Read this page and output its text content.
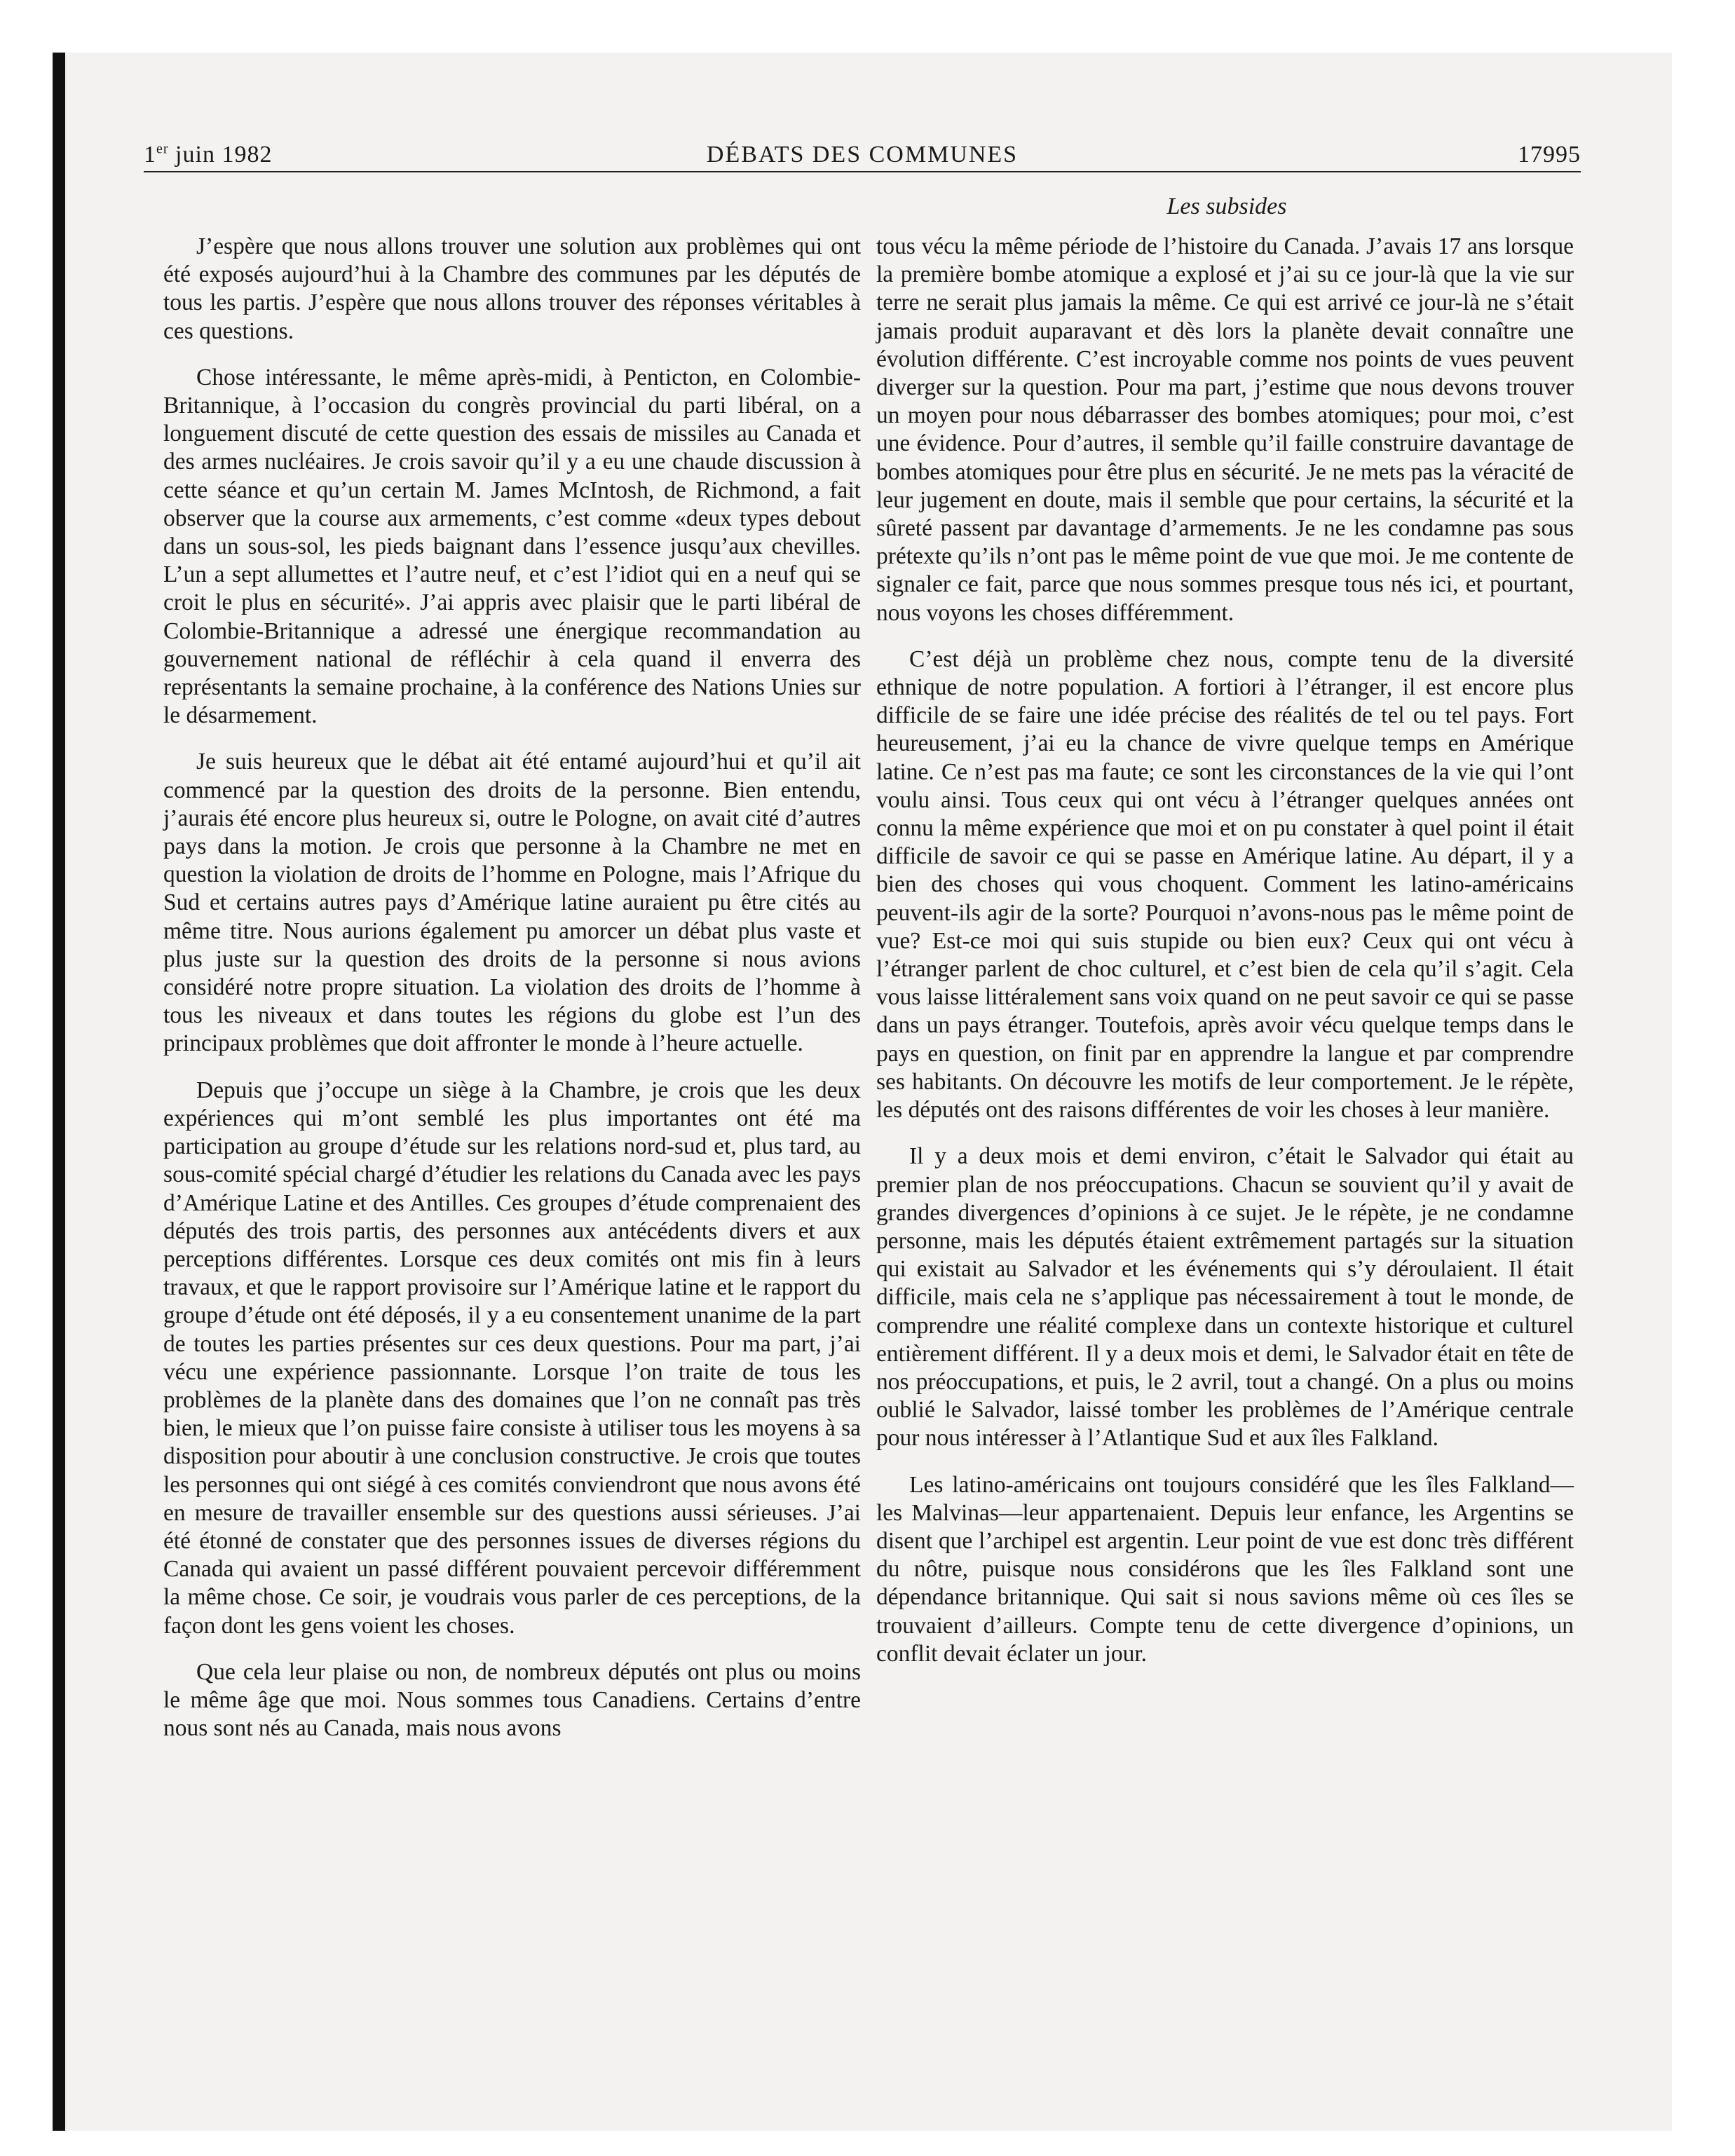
1er juin 1982	DÉBATS DES COMMUNES	17995
Les subsides

J’espère que nous allons trouver une solution aux problèmes qui ont été exposés aujourd’hui à la Chambre des communes par les députés de tous les partis. J’espère que nous allons trouver des réponses véritables à ces questions.

Chose intéressante, le même après-midi, à Penticton, en Colombie-Britannique, à l’occasion du congrès provincial du parti libéral, on a longuement discuté de cette question des essais de missiles au Canada et des armes nucléaires. Je crois savoir qu’il y a eu une chaude discussion à cette séance et qu’un certain M. James McIntosh, de Richmond, a fait observer que la course aux armements, c’est comme «deux types debout dans un sous-sol, les pieds baignant dans l’essence jusqu’aux chevilles. L’un a sept allumettes et l’autre neuf, et c’est l’idiot qui en a neuf qui se croit le plus en sécurité». J’ai appris avec plaisir que le parti libéral de Colombie-Britannique a adressé une énergique recommandation au gouvernement national de réfléchir à cela quand il enverra des représentants la semaine prochaine, à la conférence des Nations Unies sur le désarmement.

Je suis heureux que le débat ait été entamé aujourd’hui et qu’il ait commencé par la question des droits de la personne. Bien entendu, j’aurais été encore plus heureux si, outre le Pologne, on avait cité d’autres pays dans la motion. Je crois que personne à la Chambre ne met en question la violation de droits de l’homme en Pologne, mais l’Afrique du Sud et certains autres pays d’Amérique latine auraient pu être cités au même titre. Nous aurions également pu amorcer un débat plus vaste et plus juste sur la question des droits de la personne si nous avions considéré notre propre situation. La violation des droits de l’homme à tous les niveaux et dans toutes les régions du globe est l’un des principaux problèmes que doit affronter le monde à l’heure actuelle.

Depuis que j’occupe un siège à la Chambre, je crois que les deux expériences qui m’ont semblé les plus importantes ont été ma participation au groupe d’étude sur les relations nord-sud et, plus tard, au sous-comité spécial chargé d’étudier les relations du Canada avec les pays d’Amérique Latine et des Antilles. Ces groupes d’étude comprenaient des députés des trois partis, des personnes aux antécédents divers et aux perceptions différentes. Lorsque ces deux comités ont mis fin à leurs travaux, et que le rapport provisoire sur l’Amérique latine et le rapport du groupe d’étude ont été déposés, il y a eu consentement unanime de la part de toutes les parties présentes sur ces deux questions. Pour ma part, j’ai vécu une expérience passionnante. Lorsque l’on traite de tous les problèmes de la planète dans des domaines que l’on ne connaît pas très bien, le mieux que l’on puisse faire consiste à utiliser tous les moyens à sa disposition pour aboutir à une conclusion constructive. Je crois que toutes les personnes qui ont siégé à ces comités conviendront que nous avons été en mesure de travailler ensemble sur des questions aussi sérieuses. J’ai été étonné de constater que des personnes issues de diverses régions du Canada qui avaient un passé différent pouvaient percevoir différemment la même chose. Ce soir, je voudrais vous parler de ces perceptions, de la façon dont les gens voient les choses.

Que cela leur plaise ou non, de nombreux députés ont plus ou moins le même âge que moi. Nous sommes tous Canadiens. Certains d’entre nous sont nés au Canada, mais nous avons

tous vécu la même période de l’histoire du Canada. J’avais 17 ans lorsque la première bombe atomique a explosé et j’ai su ce jour-là que la vie sur terre ne serait plus jamais la même. Ce qui est arrivé ce jour-là ne s’était jamais produit auparavant et dès lors la planète devait connaître une évolution différente. C’est incroyable comme nos points de vues peuvent diverger sur la question. Pour ma part, j’estime que nous devons trouver un moyen pour nous débarrasser des bombes atomiques; pour moi, c’est une évidence. Pour d’autres, il semble qu’il faille construire davantage de bombes atomiques pour être plus en sécurité. Je ne mets pas la véracité de leur jugement en doute, mais il semble que pour certains, la sécurité et la sûreté passent par davantage d’armements. Je ne les condamne pas sous prétexte qu’ils n’ont pas le même point de vue que moi. Je me contente de signaler ce fait, parce que nous sommes presque tous nés ici, et pourtant, nous voyons les choses différemment.

C’est déjà un problème chez nous, compte tenu de la diversité ethnique de notre population. A fortiori à l’étranger, il est encore plus difficile de se faire une idée précise des réalités de tel ou tel pays. Fort heureusement, j’ai eu la chance de vivre quelque temps en Amérique latine. Ce n’est pas ma faute; ce sont les circonstances de la vie qui l’ont voulu ainsi. Tous ceux qui ont vécu à l’étranger quelques années ont connu la même expérience que moi et on pu constater à quel point il était difficile de savoir ce qui se passe en Amérique latine. Au départ, il y a bien des choses qui vous choquent. Comment les latino-américains peuvent-ils agir de la sorte? Pourquoi n’avons-nous pas le même point de vue? Est-ce moi qui suis stupide ou bien eux? Ceux qui ont vécu à l’étranger parlent de choc culturel, et c’est bien de cela qu’il s’agit. Cela vous laisse littéralement sans voix quand on ne peut savoir ce qui se passe dans un pays étranger. Toutefois, après avoir vécu quelque temps dans le pays en question, on finit par en apprendre la langue et par comprendre ses habitants. On découvre les motifs de leur comportement. Je le répète, les députés ont des raisons différentes de voir les choses à leur manière.

Il y a deux mois et demi environ, c’était le Salvador qui était au premier plan de nos préoccupations. Chacun se souvient qu’il y avait de grandes divergences d’opinions à ce sujet. Je le répète, je ne condamne personne, mais les députés étaient extrêmement partagés sur la situation qui existait au Salvador et les événements qui s’y déroulaient. Il était difficile, mais cela ne s’applique pas nécessairement à tout le monde, de comprendre une réalité complexe dans un contexte historique et culturel entièrement différent. Il y a deux mois et demi, le Salvador était en tête de nos préoccupations, et puis, le 2 avril, tout a changé. On a plus ou moins oublié le Salvador, laissé tomber les problèmes de l’Amérique centrale pour nous intéresser à l’Atlantique Sud et aux îles Falkland.

Les latino-américains ont toujours considéré que les îles Falkland—les Malvinas—leur appartenaient. Depuis leur enfance, les Argentins se disent que l’archipel est argentin. Leur point de vue est donc très différent du nôtre, puisque nous considérons que les îles Falkland sont une dépendance britannique. Qui sait si nous savions même où ces îles se trouvaient d’ailleurs. Compte tenu de cette divergence d’opinions, un conflit devait éclater un jour.
